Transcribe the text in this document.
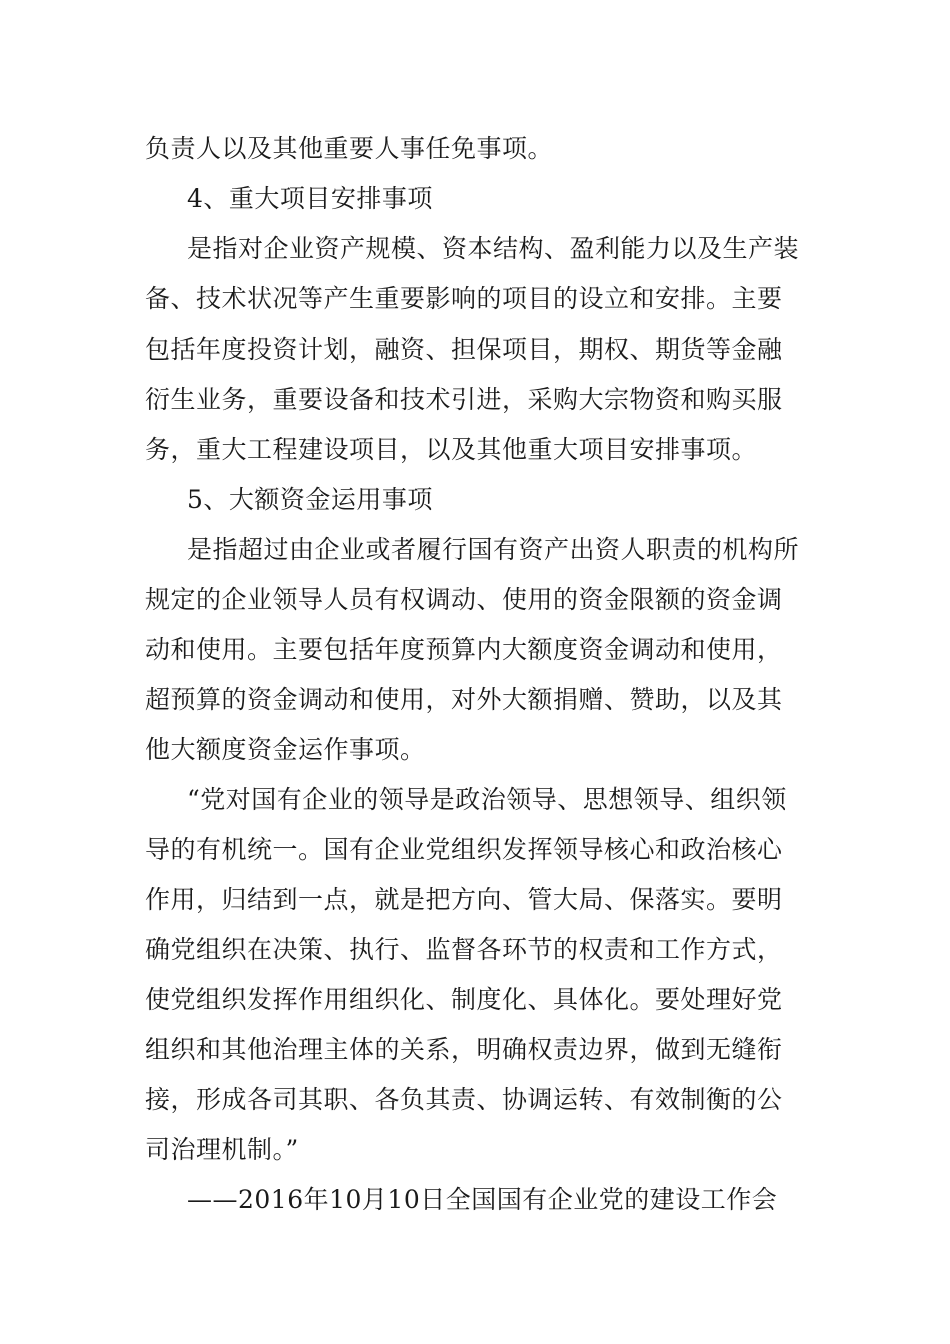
负责人以及其他重要人事任免事项。
4、重大项目安排事项
是指对企业资产规模、资本结构、盈利能力以及生产装
备、技术状况等产生重要影响的项目的设立和安排。主要
包括年度投资计划，融资、担保项目，期权、期货等金融
衍生业务，重要设备和技术引进，采购大宗物资和购买服
务，重大工程建设项目，以及其他重大项目安排事项。
5、大额资金运用事项
是指超过由企业或者履行国有资产出资人职责的机构所
规定的企业领导人员有权调动、使用的资金限额的资金调
动和使用。主要包括年度预算内大额度资金调动和使用，
超预算的资金调动和使用，对外大额捐赠、赞助，以及其
他大额度资金运作事项。
“党对国有企业的领导是政治领导、思想领导、组织领
导的有机统一。国有企业党组织发挥领导核心和政治核心
作用，归结到一点，就是把方向、管大局、保落实。要明
确党组织在决策、执行、监督各环节的权责和工作方式，
使党组织发挥作用组织化、制度化、具体化。要处理好党
组织和其他治理主体的关系，明确权责边界，做到无缝衔
接，形成各司其职、各负其责、协调运转、有效制衡的公
司治理机制。”
——2016年10月10日全国国有企业党的建设工作会
